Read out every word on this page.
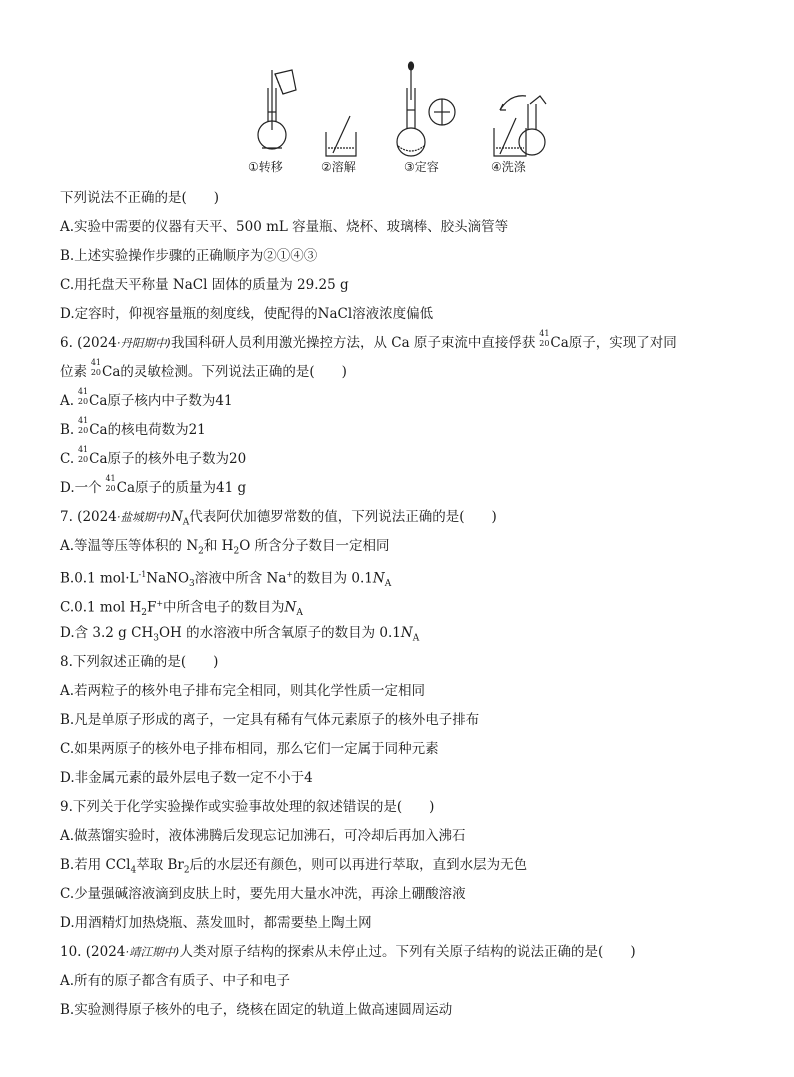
①转移	②溶解	③定容	④洗涤
下列说法不正确的是(　　)
A.实验中需要的仪器有天平、500 mL 容量瓶、烧杯、玻璃棒、胶头滴管等
B.上述实验操作步骤的正确顺序为②①④③
C.用托盘天平称量 NaCl 固体的质量为 29.25 g
D.定容时，仰视容量瓶的刻度线，使配得的NaCl溶液浓度偏低
6. (2024·丹阳期中)我国科研人员利用激光操控方法，从 Ca 原子束流中直接俘获
41
20 Ca原子，实现了对同
位素
41
20 Ca的灵敏检测。下列说法正确的是(　　)
A.
41
20 Ca原子核内中子数为41
B.
41
20 Ca的核电荷数为21
C.
41
20 Ca原子的核外电子数为20
D.一个
41
20 Ca原子的质量为41 g
7. (2024·盐城期中)$N_A$代表阿伏加德罗常数的值，下列说法正确的是(　　)
A.等温等压等体积的 $N_2$和 $H_2O$ 所含分子数目一定相同
B.0.1 $mol\cdot L^{-1}NaNO_3$溶液中所含 Na+的数目为 $0.1N_A$
C.0.1 mol $H_2F^+$中所含电子的数目为$N_A$
D.含 3.2 g $CH_3OH$ 的水溶液中所含氧原子的数目为 $0.1N_A$
8.下列叙述正确的是(　　)
A.若两粒子的核外电子排布完全相同，则其化学性质一定相同
B.凡是单原子形成的离子，一定具有稀有气体元素原子的核外电子排布
C.如果两原子的核外电子排布相同，那么它们一定属于同种元素
D.非金属元素的最外层电子数一定不小于4
9.下列关于化学实验操作或实验事故处理的叙述错误的是(　　)
A.做蒸馏实验时，液体沸腾后发现忘记加沸石，可冷却后再加入沸石
B.若用 CCl$_4$萃取 $Br_2$后的水层还有颜色，则可以再进行萃取，直到水层为无色
C.少量强碱溶液滴到皮肤上时，要先用大量水冲洗，再涂上硼酸溶液
D.用酒精灯加热烧瓶、蒸发皿时，都需要垫上陶土网
10. (2024·靖江期中)人类对原子结构的探索从未停止过。下列有关原子结构的说法正确的是(　　)
A.所有的原子都含有质子、中子和电子
B.实验测得原子核外的电子，绕核在固定的轨道上做高速圆周运动
